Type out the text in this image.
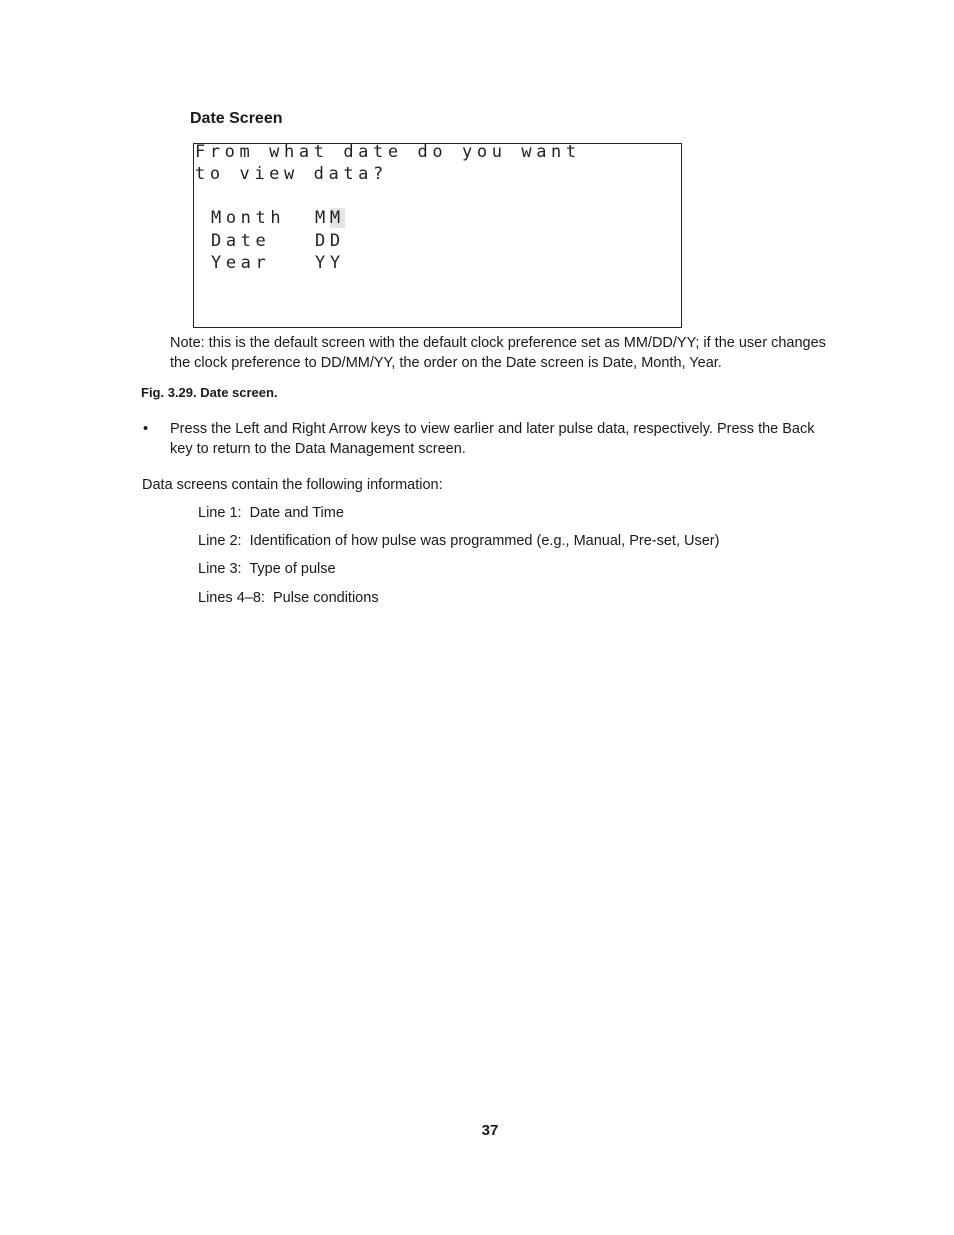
Date Screen
From what date do you want
to view data?
Month MM
Date	DD
Year	YY
Note: this is the default screen with the default clock preference set as MM/DD/YY; if the user changes the clock preference to DD/MM/YY, the order on the Date screen is Date, Month, Year.
Fig. 3.29. Date screen.
• Press the Left and Right Arrow keys to view earlier and later pulse data, respectively. Press the Back key to return to the Data Management screen.
Data screens contain the following information:
Line 1:  Date and Time
Line 2:  Identification of how pulse was programmed (e.g., Manual, Pre-set, User)
Line 3:  Type of pulse
Lines 4–8:  Pulse conditions
37
